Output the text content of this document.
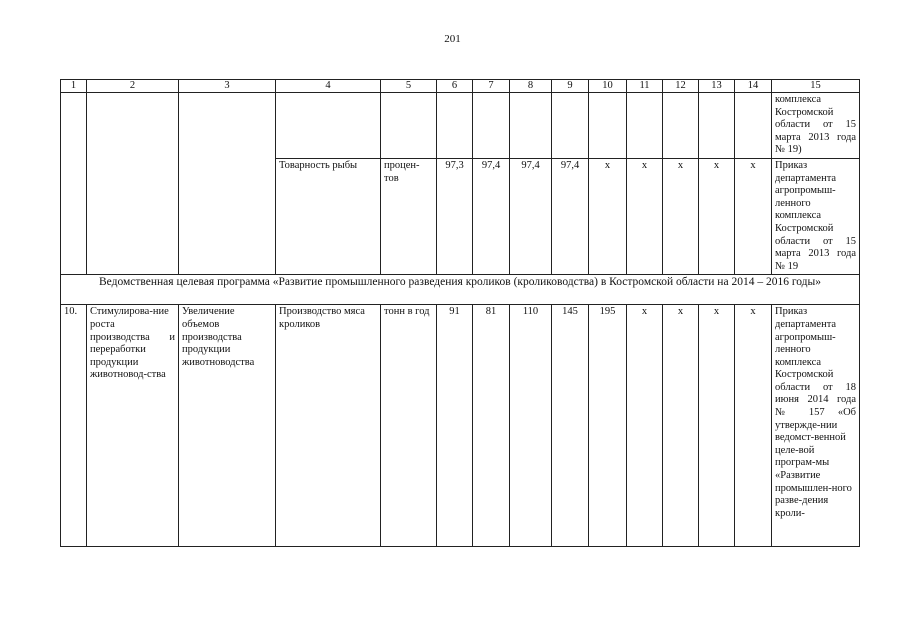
201
1	2	3	4	5	6	7	8	9	10	11	12	13	14	15
														комплекса Костромской области от 15 марта 2013 года № 19)
			Товарность рыбы	процен-тов	97,3	97,4	97,4	97,4	х	х	х	х	х	Приказ департамента агропромыш-ленного комплекса Костромской области от 15 марта 2013 года № 19
Ведомственная целевая программа «Развитие промышленного разведения кроликов (кролиководства) в Костромской области на 2014 – 2016 годы»														
10.	Стимулирова-ние роста производства и переработки продукции животновод-ства	Увеличение объемов производства продукции животноводства	Производство мяса кроликов	тонн в год	91	81	110	145	195	х	х	х	х	Приказ департамента агропромыш-ленного комплекса Костромской области от 18 июня 2014 года № 157 «Об утвержде-нии ведомст-венной целе-вой програм-мы «Развитие промышлен-ного разве-дения кроли-
